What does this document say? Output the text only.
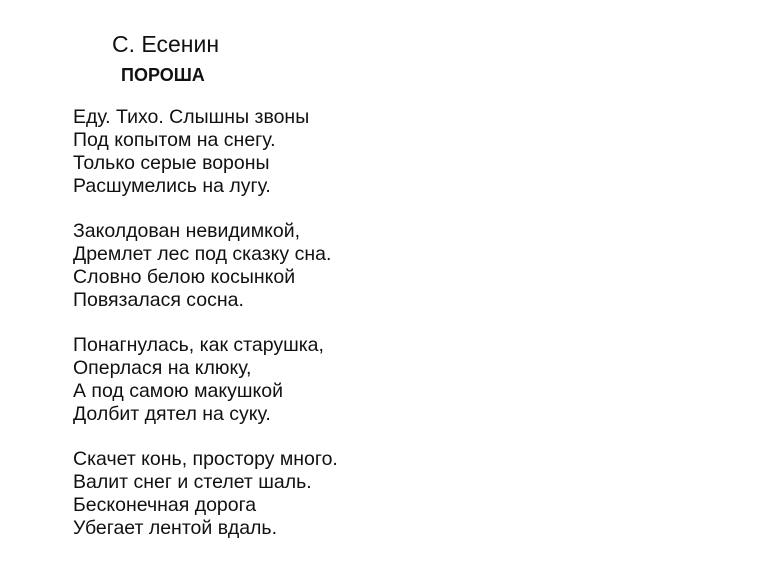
С. Есенин
ПОРОША
Еду. Тихо. Слышны звоны
Под копытом на снегу.
Только серые вороны
Расшумелись на лугу.
Заколдован невидимкой,
Дремлет лес под сказку сна.
Словно белою косынкой
Повязалася сосна.
Понагнулась, как старушка,
Оперлася на клюку,
А под самою макушкой
Долбит дятел на суку.
Скачет конь, простору много.
Валит снег и стелет шаль.
Бесконечная дорога
Убегает лентой вдаль.
